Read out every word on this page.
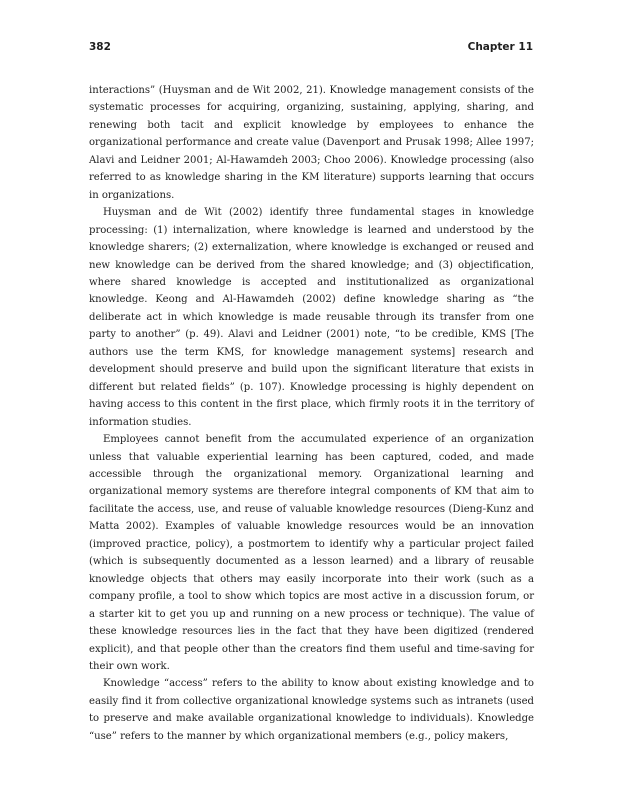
382	Chapter 11

interactions” (Huysman and de Wit 2002, 21). Knowledge management consists of the systematic processes for acquiring, organizing, sustaining, applying, sharing, and renewing both tacit and explicit knowledge by employees to enhance the organizational performance and create value (Davenport and Prusak 1998; Allee 1997; Alavi and Leidner 2001; Al-Hawamdeh 2003; Choo 2006). Knowledge processing (also referred to as knowledge sharing in the KM literature) supports learning that occurs in organizations.

Huysman and de Wit (2002) identify three fundamental stages in knowledge processing: (1) internalization, where knowledge is learned and understood by the knowledge sharers; (2) externalization, where knowledge is exchanged or reused and new knowledge can be derived from the shared knowledge; and (3) objectification, where shared knowledge is accepted and institutionalized as organizational knowledge. Keong and Al-Hawamdeh (2002) define knowledge sharing as “the deliberate act in which knowledge is made reusable through its transfer from one party to another” (p. 49). Alavi and Leidner (2001) note, “to be credible, KMS [The authors use the term KMS, for knowledge management systems] research and development should preserve and build upon the significant literature that exists in different but related fields” (p. 107). Knowledge processing is highly dependent on having access to this content in the first place, which firmly roots it in the territory of information studies.

Employees cannot benefit from the accumulated experience of an organization unless that valuable experiential learning has been captured, coded, and made accessible through the organizational memory. Organizational learning and organizational memory systems are therefore integral components of KM that aim to facilitate the access, use, and reuse of valuable knowledge resources (Dieng-Kunz and Matta 2002). Examples of valuable knowledge resources would be an innovation (improved practice, policy), a postmortem to identify why a particular project failed (which is subsequently documented as a lesson learned) and a library of reusable knowledge objects that others may easily incorporate into their work (such as a company profile, a tool to show which topics are most active in a discussion forum, or a starter kit to get you up and running on a new process or technique). The value of these knowledge resources lies in the fact that they have been digitized (rendered explicit), and that people other than the creators find them useful and time-saving for their own work.

Knowledge “access” refers to the ability to know about existing knowledge and to easily find it from collective organizational knowledge systems such as intranets (used to preserve and make available organizational knowledge to individuals). Knowledge “use” refers to the manner by which organizational members (e.g., policy makers,
